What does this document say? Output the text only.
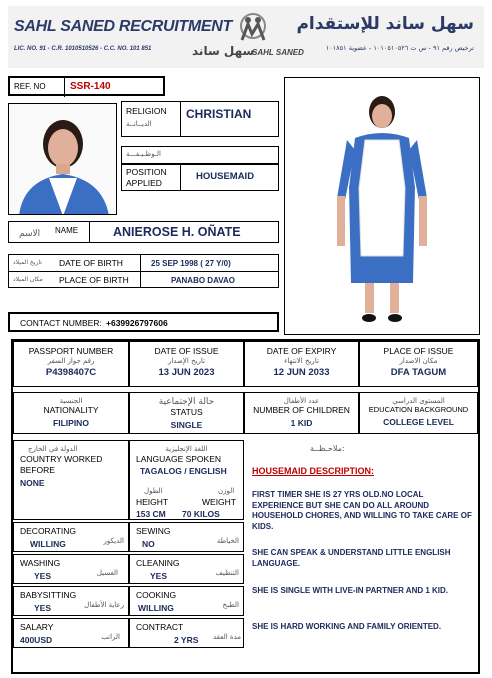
SAHL SANED RECRUITMENT
LIC. NO. 91 - C.R. 1010510526 - C.C. NO. 101 851	سهل ساند
SAHL SANED
سهل ساند للإستقدام
ترخيص رقم ٩١ - س ت ١٠١٠٥١٠٥٢٦ - عضوية ١٠١٨٥١
REF. NO SSR-140
RELIGION
الديــانــة
CHRISTIAN
الـوظـيـفـــة
POSITION APPLIED
HOUSEMAID
الاسم NAME	ANIEROSE H. OÑATE
تاريخ الميلاد DATE OF BIRTH	25 SEP 1998 ( 27 Y/0)
مكان الميلاد PLACE OF BIRTH	PANABO DAVAO
CONTACT NUMBER: +639926797606
PASSPORT NUMBER
رقم جواز السفر
P4398407C
DATE OF ISSUE
تاريخ الإصدار
13 JUN 2023
DATE OF EXPIRY
تاريخ الانتهاء
12 JUN 2033
PLACE OF ISSUE
مكان الاصدار
DFA TAGUM
الجنسية
NATIONALITY
FILIPINO
حالة الإجتماعية
STATUS
SINGLE
عدد الأطفال
NUMBER OF CHILDREN
1 KID
المستوى الدراسي
EDUCATION BACKGROUND
COLLEGE LEVEL
الدولة في الخارج
COUNTRY WORKED BEFORE
NONE
اللغة الإنجليزية
LANGUAGE SPOKEN
TAGALOG / ENGLISH
الطول
HEIGHT
الوزن
WEIGHT
153 CM 70 KILOS
DECORATING
الديكور
WILLING
SEWING
الخياطة
NO
WASHING
الغسيل
YES
CLEANING
التنظيف
YES
BABYSITTING
رعاية الأطفال
YES
COOKING
الطبخ
WILLING
SALARY
الراتب
400USD
CONTRACT
مدة العقد
2 YRS
ملاحـظــة:
HOUSEMAID DESCRIPTION:
FIRST TIMER SHE IS 27 YRS OLD.NO LOCAL EXPERIENCE BUT SHE CAN DO ALL AROUND HOUSEHOLD CHORES, AND WILLING TO TAKE CARE OF KIDS.
SHE CAN SPEAK & UNDERSTAND LITTLE ENGLISH LANGUAGE.
SHE IS SINGLE WITH LIVE-IN PARTNER AND 1 KID.
SHE IS HARD WORKING AND FAMILY ORIENTED.
